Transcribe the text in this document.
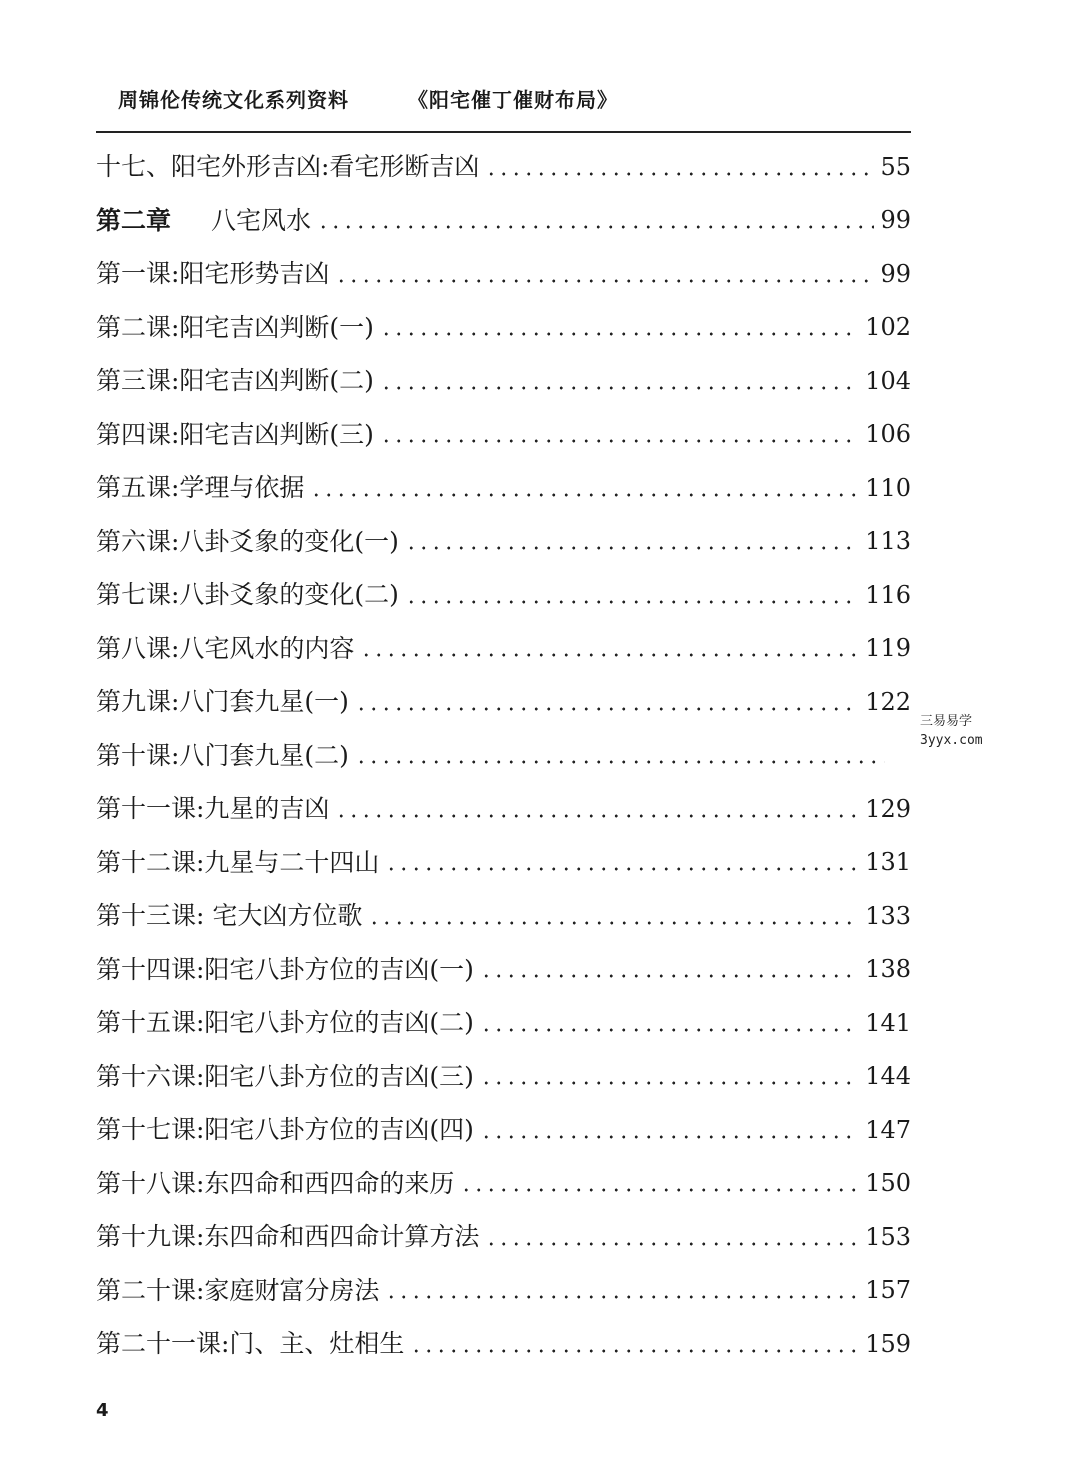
周锦伦传统文化系列资料	《阳宅催丁催财布局》
十七、阳宅外形吉凶:看宅形断吉凶	55
第二章 八宅风水	99
第一课:阳宅形势吉凶	99
第二课:阳宅吉凶判断(一)	102
第三课:阳宅吉凶判断(二)	104
第四课:阳宅吉凶判断(三)	106
第五课:学理与依据	110
第六课:八卦爻象的变化(一)	113
第七课:八卦爻象的变化(二)	116
第八课:八宅风水的内容	119
第九课:八门套九星(一)	122
第十课:八门套九星(二)
第十一课:九星的吉凶	129
第十二课:九星与二十四山	131
第十三课: 宅大凶方位歌	133
第十四课:阳宅八卦方位的吉凶(一)	138
第十五课:阳宅八卦方位的吉凶(二)	141
第十六课:阳宅八卦方位的吉凶(三)	144
第十七课:阳宅八卦方位的吉凶(四)	147
第十八课:东四命和西四命的来历	150
第十九课:东四命和西四命计算方法	153
第二十课:家庭财富分房法	157
第二十一课:门、主、灶相生	159
三易易学
3yyx.com
4
